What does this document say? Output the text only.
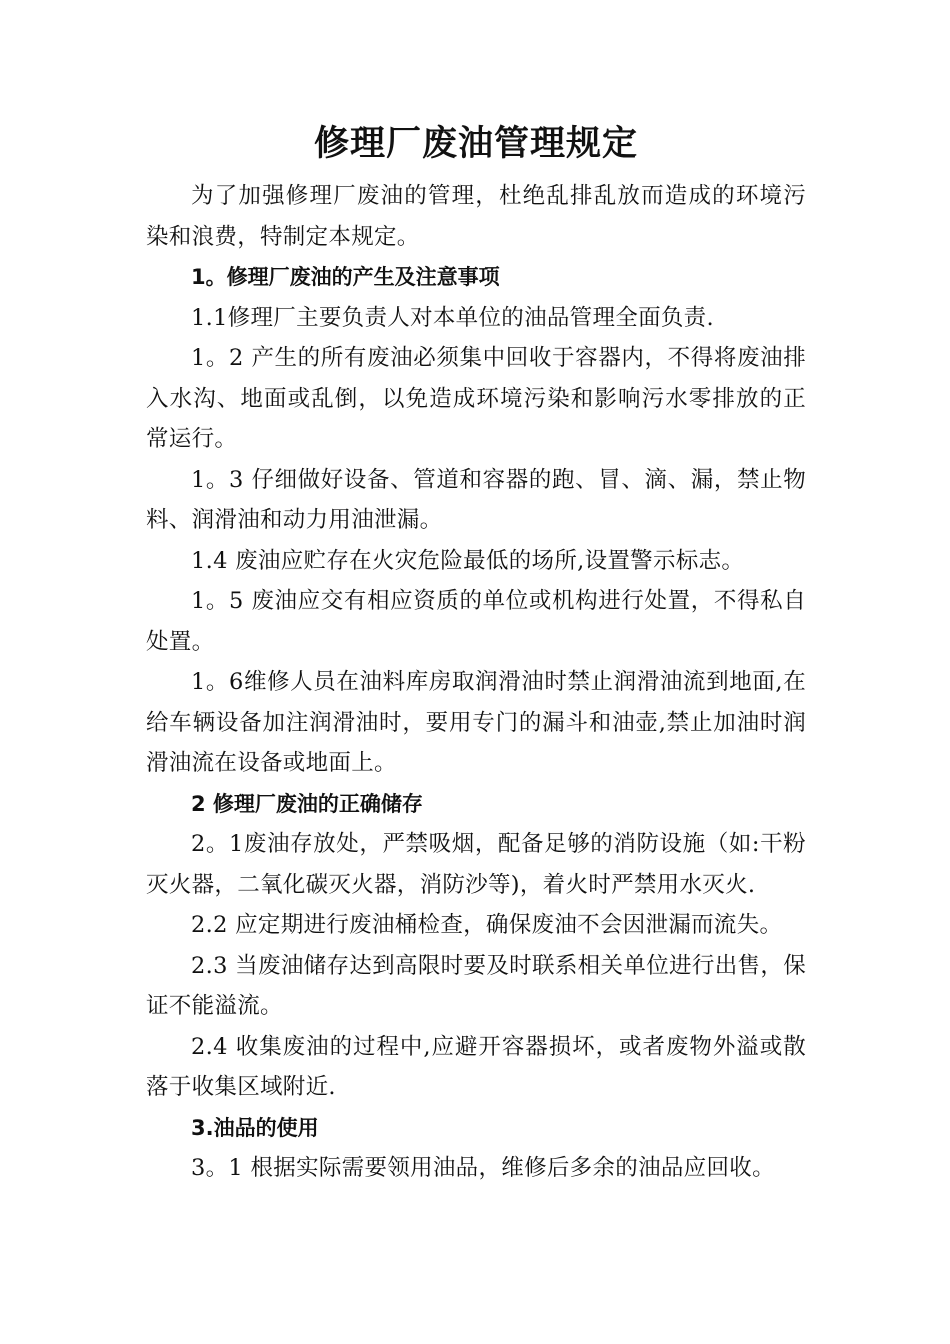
修理厂废油管理规定

为了加强修理厂废油的管理，杜绝乱排乱放而造成的环境污染和浪费，特制定本规定。

1。修理厂废油的产生及注意事项

1.1修理厂主要负责人对本单位的油品管理全面负责.

1。2 产生的所有废油必须集中回收于容器内，不得将废油排入水沟、地面或乱倒，以免造成环境污染和影响污水零排放的正常运行。

1。3 仔细做好设备、管道和容器的跑、冒、滴、漏，禁止物料、润滑油和动力用油泄漏。

1.4 废油应贮存在火灾危险最低的场所,设置警示标志。

1。5 废油应交有相应资质的单位或机构进行处置，不得私自处置。

1。6维修人员在油料库房取润滑油时禁止润滑油流到地面,在给车辆设备加注润滑油时，要用专门的漏斗和油壶,禁止加油时润滑油流在设备或地面上。

2 修理厂废油的正确储存

2。1废油存放处，严禁吸烟，配备足够的消防设施（如:干粉灭火器，二氧化碳灭火器，消防沙等)，着火时严禁用水灭火.

2.2 应定期进行废油桶检查，确保废油不会因泄漏而流失。

2.3 当废油储存达到高限时要及时联系相关单位进行出售，保证不能溢流。

2.4 收集废油的过程中,应避开容器损坏，或者废物外溢或散落于收集区域附近.

3.油品的使用

3。1 根据实际需要领用油品，维修后多余的油品应回收。
